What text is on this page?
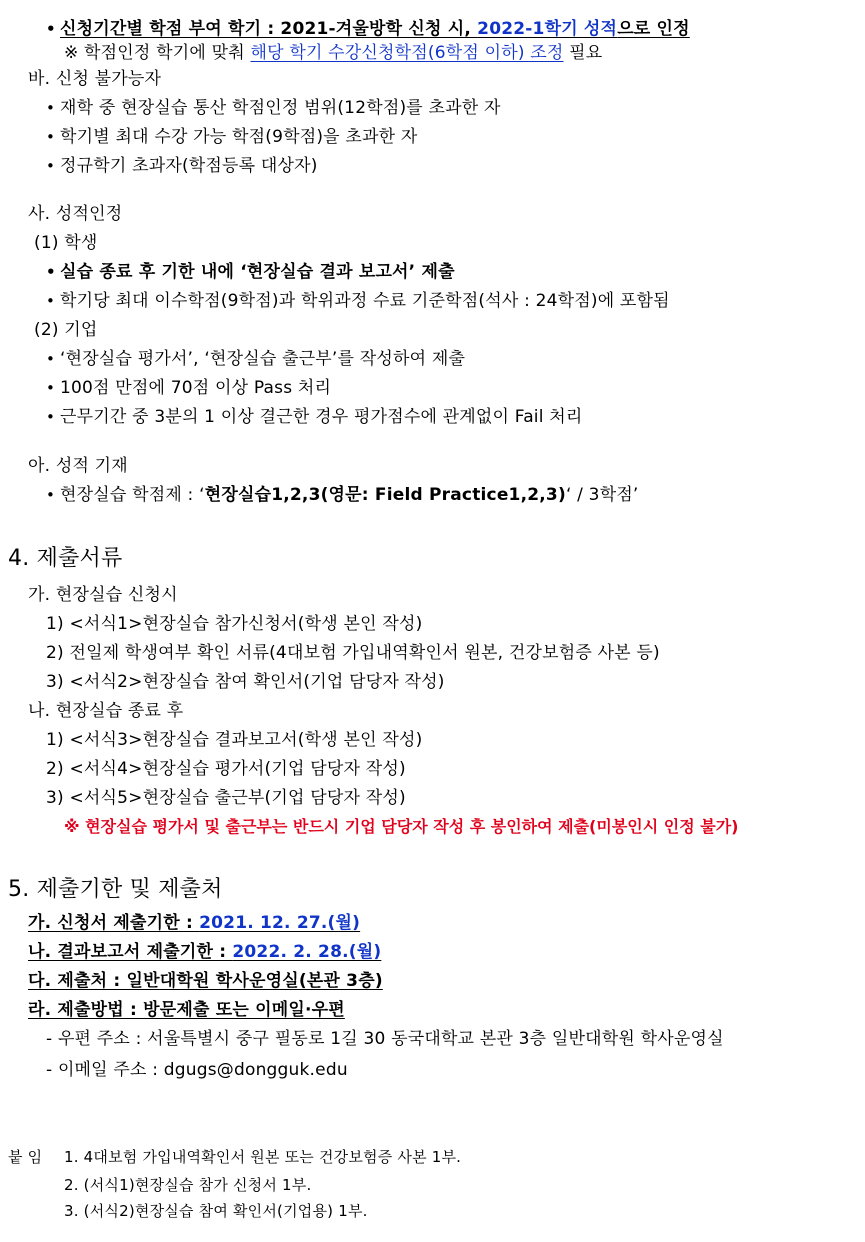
• 신청기간별 학점 부여 학기 : 2021-겨울방학 신청 시, 2022-1학기 성적으로 인정
※ 학점인정 학기에 맞춰 해당 학기 수강신청학점(6학점 이하) 조정 필요
바. 신청 불가능자
• 재학 중 현장실습 통산 학점인정 범위(12학점)를 초과한 자
• 학기별 최대 수강 가능 학점(9학점)을 초과한 자
• 정규학기 초과자(학점등록 대상자)
사. 성적인정
(1) 학생
• 실습 종료 후 기한 내에 ‘현장실습 결과 보고서’ 제출
• 학기당 최대 이수학점(9학점)과 학위과정 수료 기준학점(석사 : 24학점)에 포함됨
(2) 기업
• ‘현장실습 평가서’, ‘현장실습 출근부’를 작성하여 제출
• 100점 만점에 70점 이상 Pass 처리
• 근무기간 중 3분의 1 이상 결근한 경우 평가점수에 관계없이 Fail 처리
아. 성적 기재
• 현장실습 학점제 : ‘현장실습1,2,3(영문: Field Practice1,2,3)‘ / 3학점’
4. 제출서류
가. 현장실습 신청시
1) <서식1>현장실습 참가신청서(학생 본인 작성)
2) 전일제 학생여부 확인 서류(4대보험 가입내역확인서 원본, 건강보험증 사본 등)
3) <서식2>현장실습 참여 확인서(기업 담당자 작성)
나. 현장실습 종료 후
1) <서식3>현장실습 결과보고서(학생 본인 작성)
2) <서식4>현장실습 평가서(기업 담당자 작성)
3) <서식5>현장실습 출근부(기업 담당자 작성)
※ 현장실습 평가서 및 출근부는 반드시 기업 담당자 작성 후 봉인하여 제출(미봉인시 인정 불가)
5. 제출기한 및 제출처
가. 신청서 제출기한 : 2021. 12. 27.(월)
나. 결과보고서 제출기한 : 2022. 2. 28.(월)
다. 제출처 : 일반대학원 학사운영실(본관 3층)
라. 제출방법 : 방문제출 또는 이메일·우편
- 우편 주소 : 서울특별시 중구 필동로 1길 30 동국대학교 본관 3층 일반대학원 학사운영실
- 이메일 주소 : dgugs@dongguk.edu
붙 임 1. 4대보험 가입내역확인서 원본 또는 건강보험증 사본 1부.
2. (서식1)현장실습 참가 신청서 1부.
3. (서식2)현장실습 참여 확인서(기업용) 1부.
